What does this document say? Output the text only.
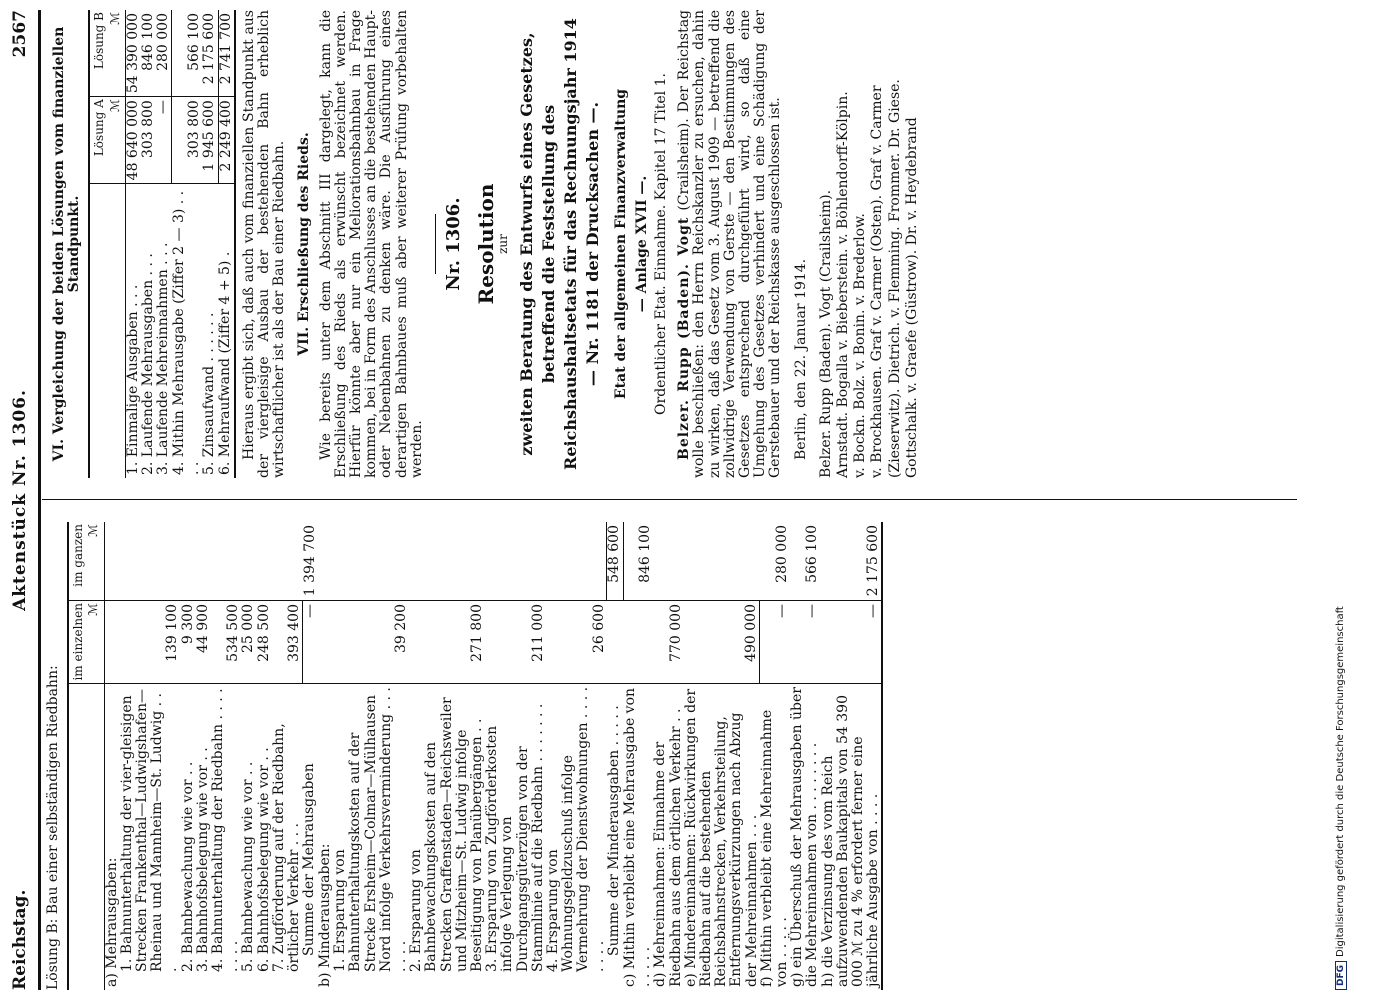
Reichstag.
Aktenstück Nr. 1306.
2567
Lösung B: Bau einer selbständigen Riedbahn:
	im einzelnen
ℳ	im ganzen
ℳ
a) Mehrausgaben:		
1. Bahnunterhaltung der vier-gleisigen Strecken Frankenthal—Ludwigshafen—Rheinau und Mannheim—St. Ludwig . . .	139 100	
2. Bahnbewachung wie vor . .	9 300	
3. Bahnhofsbelegung wie vor . .	44 900	
4. Bahnunterhaltung der Riedbahn . . . . . . . .	534 500	
5. Bahnbewachung wie vor . .	25 000	
6. Bahnhofsbelegung wie vor . .	248 500	
7. Zugförderung auf der Riedbahn, örtlicher Verkehr . . .	393 400	
Summe der Mehrausgaben	—	1 394 700
b) Minderausgaben:		
1. Ersparung von Bahnunterhaltungskosten auf der Strecke Ersheim—Colmar—Mülhausen Nord infolge Verkehrsverminderung . . . . . . .	39 200	
2. Ersparung von Bahnbewachungskosten auf den Strecken Graffenstaden—Reichsweiler und Mitzheim—St. Ludwig infolge Beseitigung von Planübergängen . .	271 800	
3. Ersparung von Zugförderkosten infolge Verlegung von Durchgangsgüterzügen von der Stammlinie auf die Riedbahn . . . . . . .	211 000	
4. Ersparung von Wohnungsgeldzuschuß infolge Vermehrung der Dienstwohnungen . . . . . . . .	26 600	
Summe der Minderausgaben . . . . .		548 600
c) Mithin verbleibt eine Mehrausgabe von . . . . .		846 100
d) Mehreinnahmen: Einnahme der Riedbahn aus dem örtlichen Verkehr . .	770 000	
e) Mindereinnahmen: Rückwirkungen der Riedbahn auf die bestehenden Reichsbahnstrecken, Verkehrsteilung, Entfernungsverkürzungen nach Abzug der Mehreinnahmen . . .	490 000	
f) Mithin verbleibt eine Mehreinnahme von . . . . .	—	280 000
g) ein Überschuß der Mehrausgaben über die Mehreinnahmen von . . . . . . . .	—	566 100
h) die Verzinsung des vom Reich aufzuwendenden Baukapitals von 54 390 000 ℳ zu 4 % erfordert ferner eine jährliche Ausgabe von . . . .	—	2 175 600
VI. Vergleichung der beiden Lösungen vom finanziellen Standpunkt.
	Lösung A
ℳ	Lösung B
ℳ
1. Einmalige Ausgaben . . .	48 640 000	54 390 000
2. Laufende Mehrausgaben . . .	303 800	846 100
3. Laufende Mehreinnahmen . . .	—	280 000
4. Mithin Mehrausgabe (Ziffer 2 — 3) . . . .	303 800	566 100
5. Zinsaufwand . . . . . .	1 945 600	2 175 600
6. Mehraufwand (Ziffer 4 + 5) .	2 249 400	2 741 700 Hieraus ergibt sich, daß auch vom finanziellen Standpunkt aus der viergleisige Ausbau der bestehenden Bahn erheblich wirtschaftlicher ist als der Bau einer Riedbahn. VII. Erschließung des Rieds. Wie bereits unter dem Abschnitt III dargelegt, kann die Erschließung des Rieds als erwünscht bezeichnet werden. Hierfür könnte aber nur ein Meliorationsbahnbau in Frage kommen, bei in Form des Anschlusses an die bestehenden Haupt- oder Nebenbahnen zu denken wäre. Die Ausführung eines derartigen Bahnbaues muß aber weiterer Prüfung vorbehalten werden.

Nr. 1306. Resolution
zur zweiten Beratung des Entwurfs eines Gesetzes, betreffend die Feststellung des Reichshaushaltsetats für das Rechnungsjahr 1914 — Nr. 1181 der Drucksachen —. Etat der allgemeinen Finanzverwaltung — Anlage XVII —. Ordentlicher Etat. Einnahme. Kapitel 17 Titel 1. Belzer. Rupp (Baden). Vogt (Crailsheim). Der Reichstag wolle beschließen: den Herrn Reichskanzler zu ersuchen, dahin zu wirken, daß das Gesetz vom 3. August 1909 — betreffend die zollwidrige Verwendung von Gerste — den Bestimmungen des Gesetzes entsprechend durchgeführt wird, so daß eine Umgehung des Gesetzes verhindert und eine Schädigung der Gerstebauer und der Reichskasse ausgeschlossen ist. Berlin, den 22. Januar 1914. Belzer. Rupp (Baden). Vogt (Crailsheim). Arnstadt. Bogalla v. Bieberstein. v. Böhlendorff-Kölpin. v. Bockn. Bolz. v. Bonin. v. Brederlow. v. Brockhausen. Graf v. Carmer (Osten). Graf v. Carmer (Zieserwitz). Dietrich. v. Flemming. Frommer. Dr. Giese. Gottschalk. v. Graefe (Güstrow). Dr. v. Heydebrand

DFGDigitalisierung gefördert durch die Deutsche Forschungsgemeinschaft
